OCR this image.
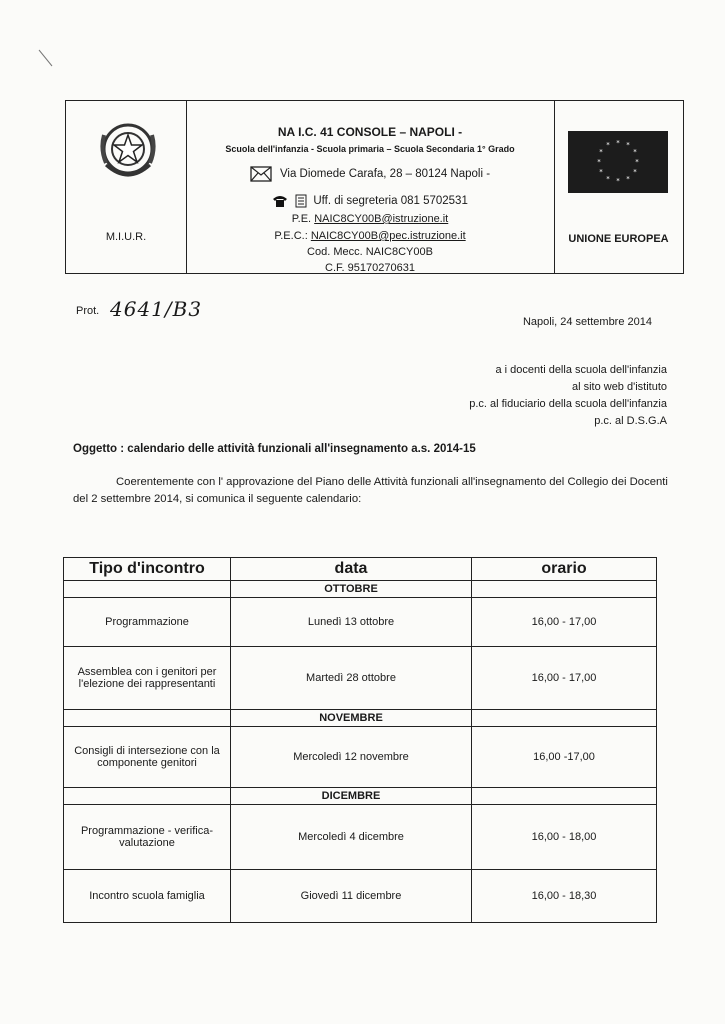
M.I.U.R.
NA I.C. 41 CONSOLE – NAPOLI -
Scuola dell'infanzia - Scuola primaria – Scuola Secondaria 1° Grado
Via Diomede Carafa, 28 – 80124 Napoli -
Uff. di segreteria 081 5702531
P.E. NAIC8CY00B@istruzione.it
P.E.C.: NAIC8CY00B@pec.istruzione.it
Cod. Mecc. NAIC8CY00B
C.F. 95170270631
* *
*
*
*
*
*
*
*
*
*
*
UNIONE EUROPEA
Prot. 4641/B3
Napoli, 24 settembre 2014
a i docenti della scuola dell'infanzia
al sito web d'istituto
p.c. al fiduciario della scuola dell'infanzia
p.c. al D.S.G.A
Oggetto : calendario delle attività funzionali all'insegnamento a.s. 2014-15
Coerentemente con l' approvazione del Piano delle Attività funzionali all'insegnamento del Collegio dei Docenti del 2 settembre 2014, si comunica il seguente calendario:
Tipo d'incontro	data	orario
	OTTOBRE	
Programmazione	Lunedì 13 ottobre	16,00 - 17,00
Assemblea con i genitori per l'elezione dei rappresentanti	Martedì 28 ottobre	16,00 - 17,00
	NOVEMBRE	
Consigli di intersezione con la componente genitori	Mercoledì 12 novembre	16,00 -17,00
	DICEMBRE	
Programmazione - verifica- valutazione	Mercoledì 4 dicembre	16,00 - 18,00
Incontro scuola famiglia	Giovedì 11 dicembre	16,00 - 18,30
